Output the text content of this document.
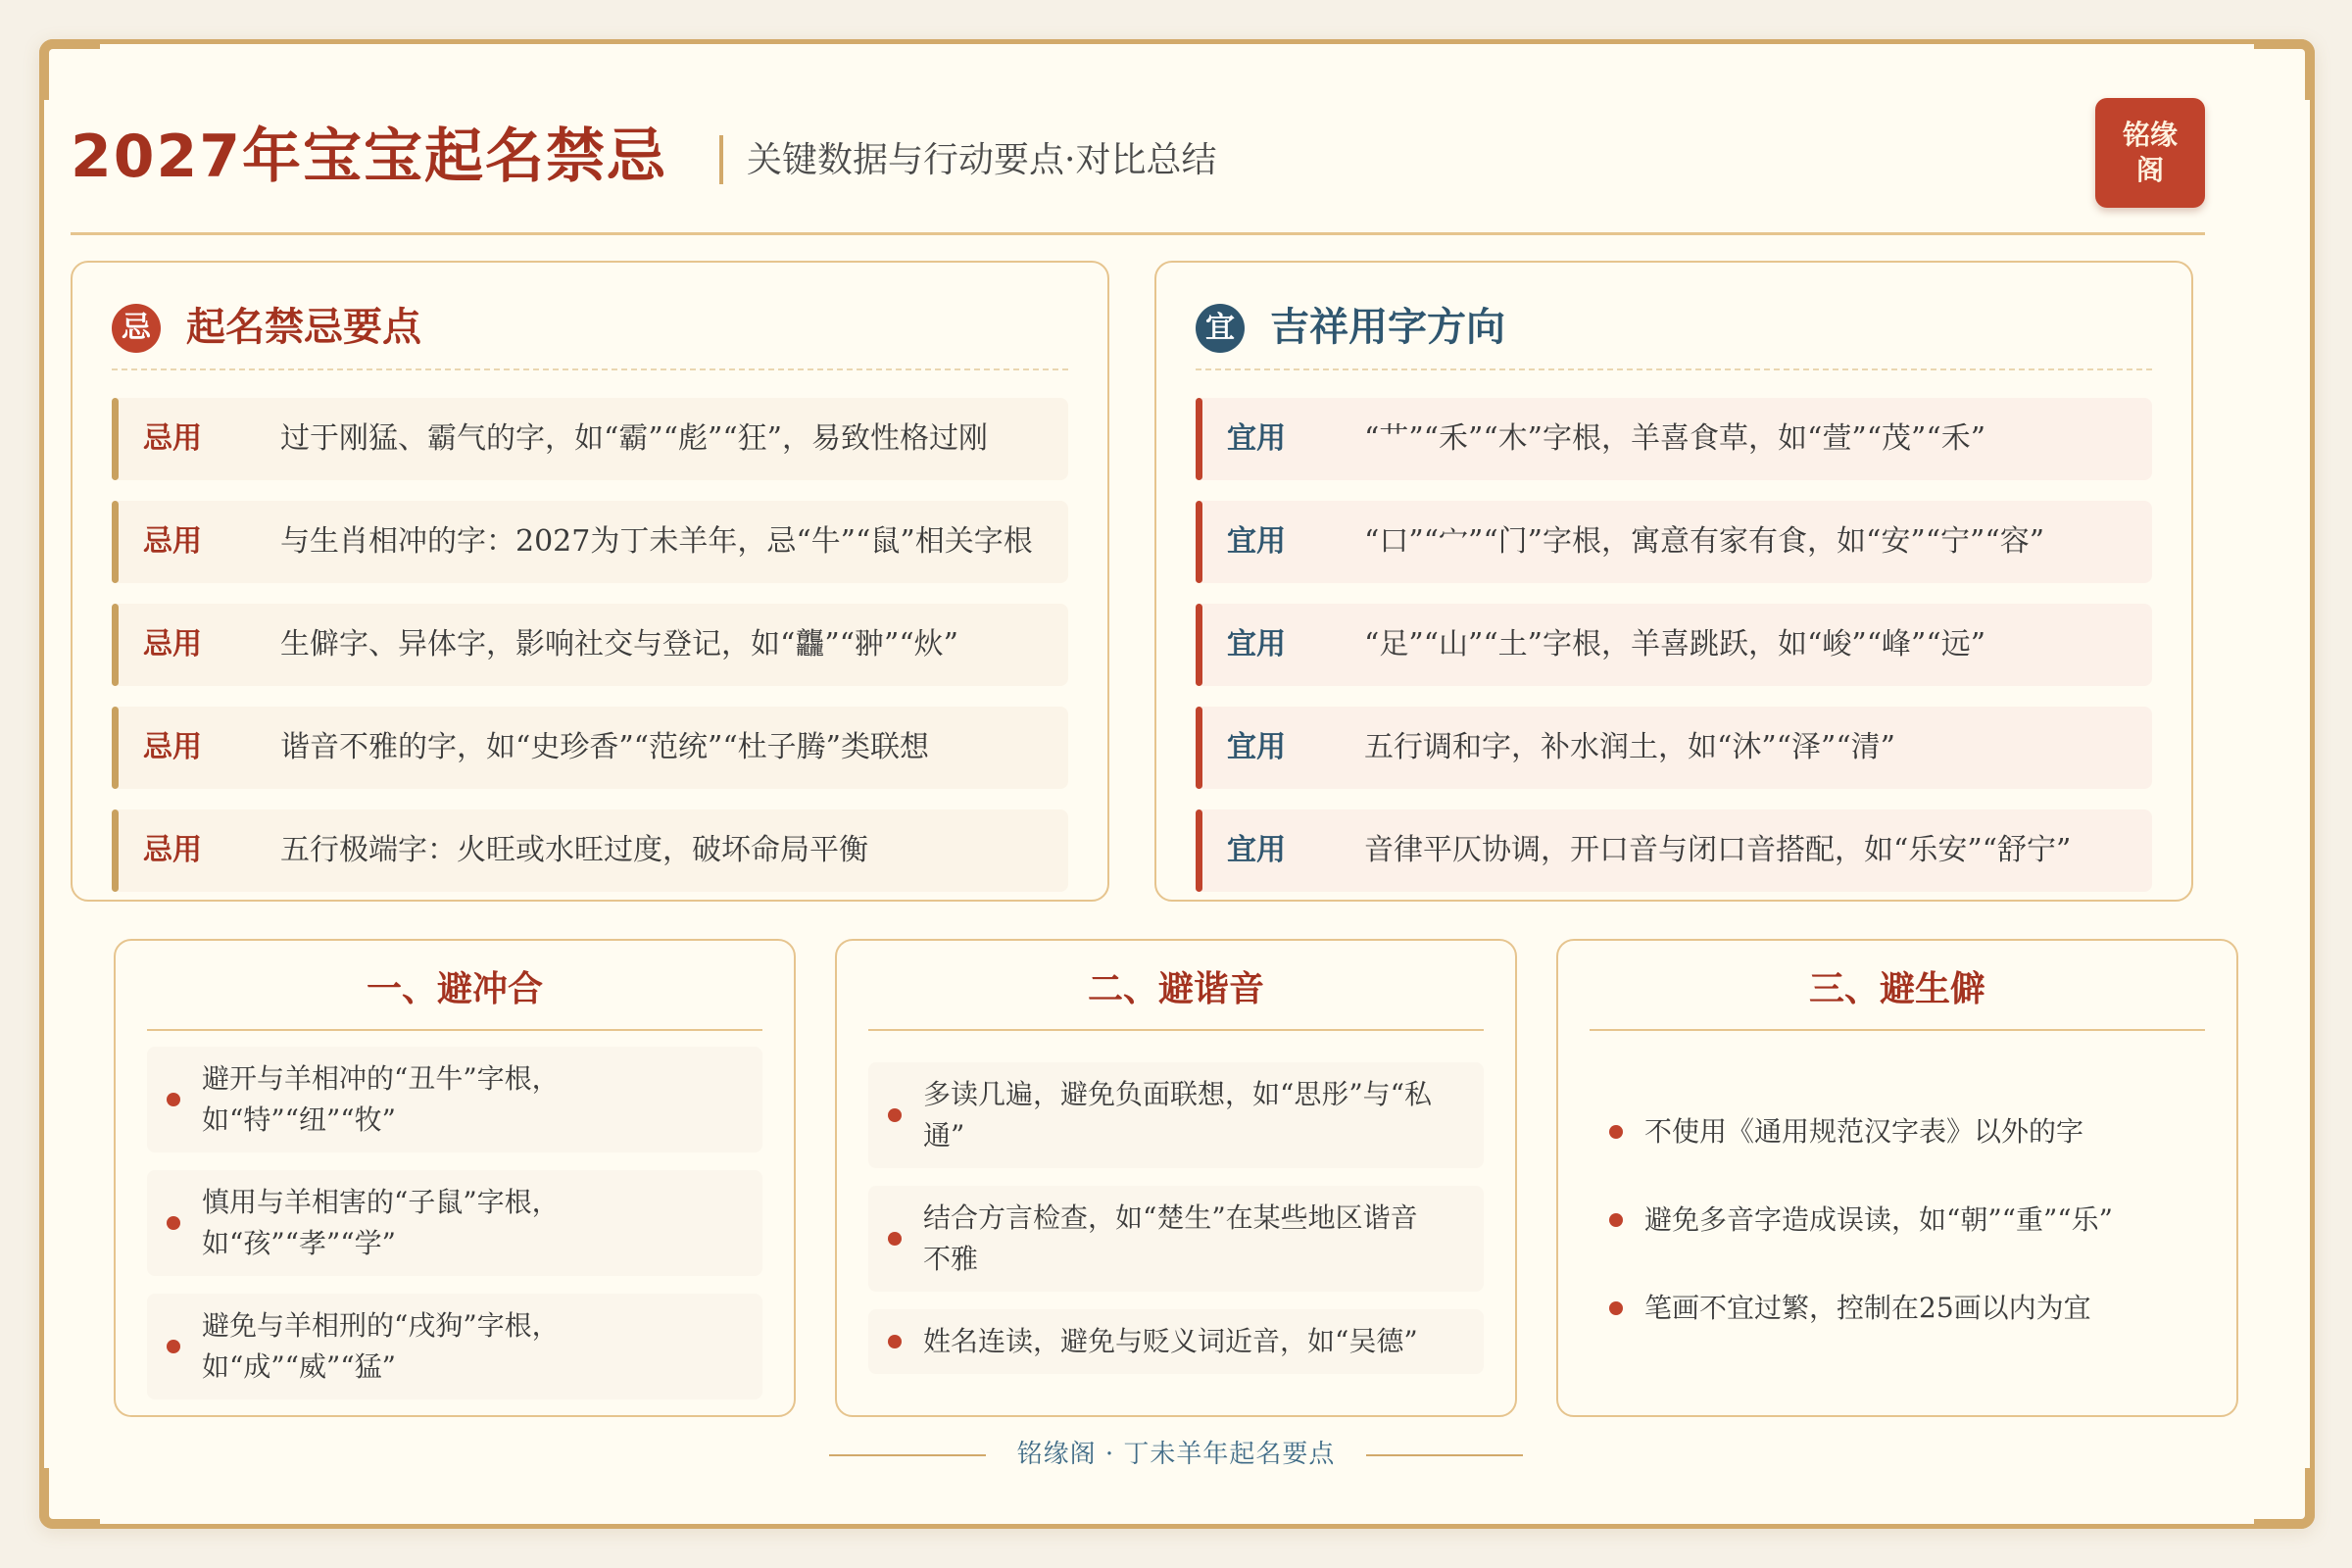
2027年宝宝起名禁忌 关键数据与行动要点·对比总结
铭缘阁
忌 起名禁忌要点
忌用	过于刚猛、霸气的字，如“霸”“彪”“狂”，易致性格过刚
忌用	与生肖相冲的字：2027为丁未羊年，忌“牛”“鼠”相关字根
忌用	生僻字、异体字，影响社交与登记，如“龘”“翀”“炏”
忌用	谐音不雅的字，如“史珍香”“范统”“杜子腾”类联想
忌用	五行极端字：火旺或水旺过度，破坏命局平衡
宜 吉祥用字方向
宜用	“艹”“禾”“木”字根，羊喜食草，如“萱”“茂”“禾”
宜用	“口”“宀”“门”字根，寓意有家有食，如“安”“宁”“容”
宜用	“足”“山”“土”字根，羊喜跳跃，如“峻”“峰”“远”
宜用	五行调和字，补水润土，如“沐”“泽”“清”
宜用	音律平仄协调，开口音与闭口音搭配，如“乐安”“舒宁”
一、避冲合
避开与羊相冲的“丑牛”字根，如“特”“纽”“牧”
慎用与羊相害的“子鼠”字根，如“孩”“孝”“学”
避免与羊相刑的“戌狗”字根，如“成”“威”“猛”
二、避谐音
多读几遍，避免负面联想，如“思彤”与“私通”
结合方言检查，如“楚生”在某些地区谐音不雅
姓名连读，避免与贬义词近音，如“吴德”
三、避生僻
不使用《通用规范汉字表》以外的字
避免多音字造成误读，如“朝”“重”“乐”
笔画不宜过繁，控制在25画以内为宜
铭缘阁 · 丁未羊年起名要点
